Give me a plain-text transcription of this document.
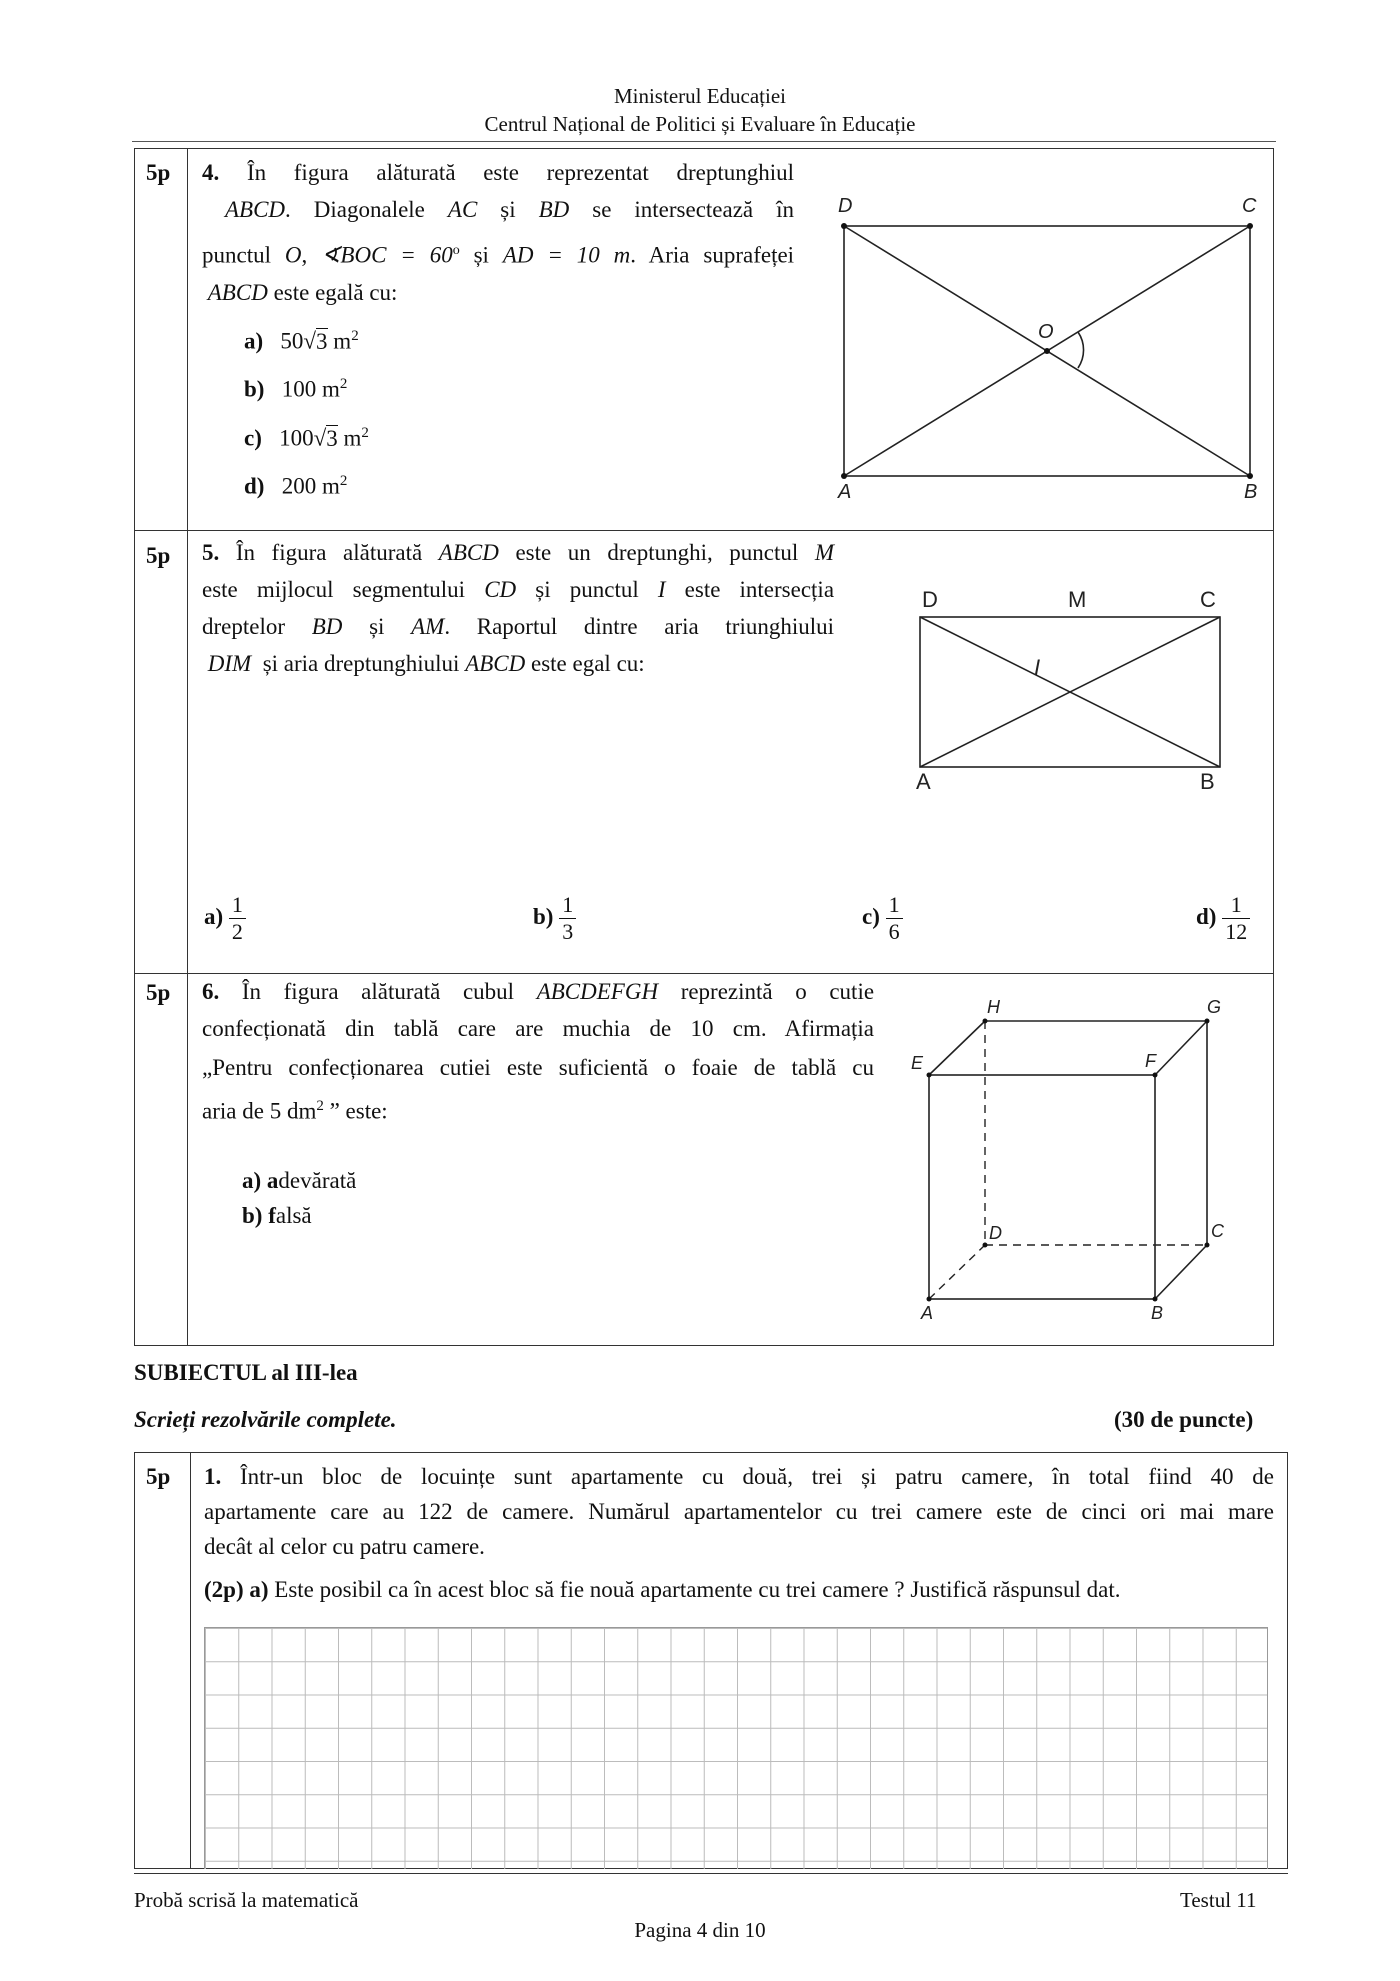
Ministerul Educației
Centrul Național de Politici și Evaluare în Educație
5p 4. În figura alăturată este reprezentat dreptunghiul
ABCD. Diagonalele AC și BD se intersectează în
punctul O, ∢BOC = $60^o$ și AD = 10 m. Aria suprafeței
ABCD este egală cu:
a) 50√3 $m^2$
b) 100 $m^2$
c) 100√3 $m^2$
d) 200 $m^2$
D	C
O
A	B
5p 5. În figura alăturată ABCD este un dreptunghi, punctul M
este mijlocul segmentului CD și punctul I este intersecția
dreptelor BD și AM. Raportul dintre aria triunghiului
DIM și aria dreptunghiului ABCD este egal cu:
D	M	C
I
A	B
$a) \frac{1}{2}$	$b) \frac{1}{3}$	$c) \frac{1}{6}$	$d) \frac{1}{12}$
5p 6. În figura alăturată cubul ABCDEFGH reprezintă o cutie
confecționată din tablă care are muchia de 10 cm. Afirmația
„Pentru confecționarea cutiei este suficientă o foaie de tablă cu
aria de 5 $dm^2$ ” este:
a) adevărată
b) falsă
H	G
E	F
D	C
A	B
SUBIECTUL al III-lea
Scrieți rezolvările complete.	(30 de puncte)
5p 1. Într-un bloc de locuințe sunt apartamente cu două, trei și patru camere, în total fiind 40 de
apartamente care au 122 de camere. Numărul apartamentelor cu trei camere este de cinci ori mai mare
decât al celor cu patru camere.
(2p) a) Este posibil ca în acest bloc să fie nouă apartamente cu trei camere ? Justifică răspunsul dat.
Probă scrisă la matematică	Testul 11
Pagina 4 din 10
